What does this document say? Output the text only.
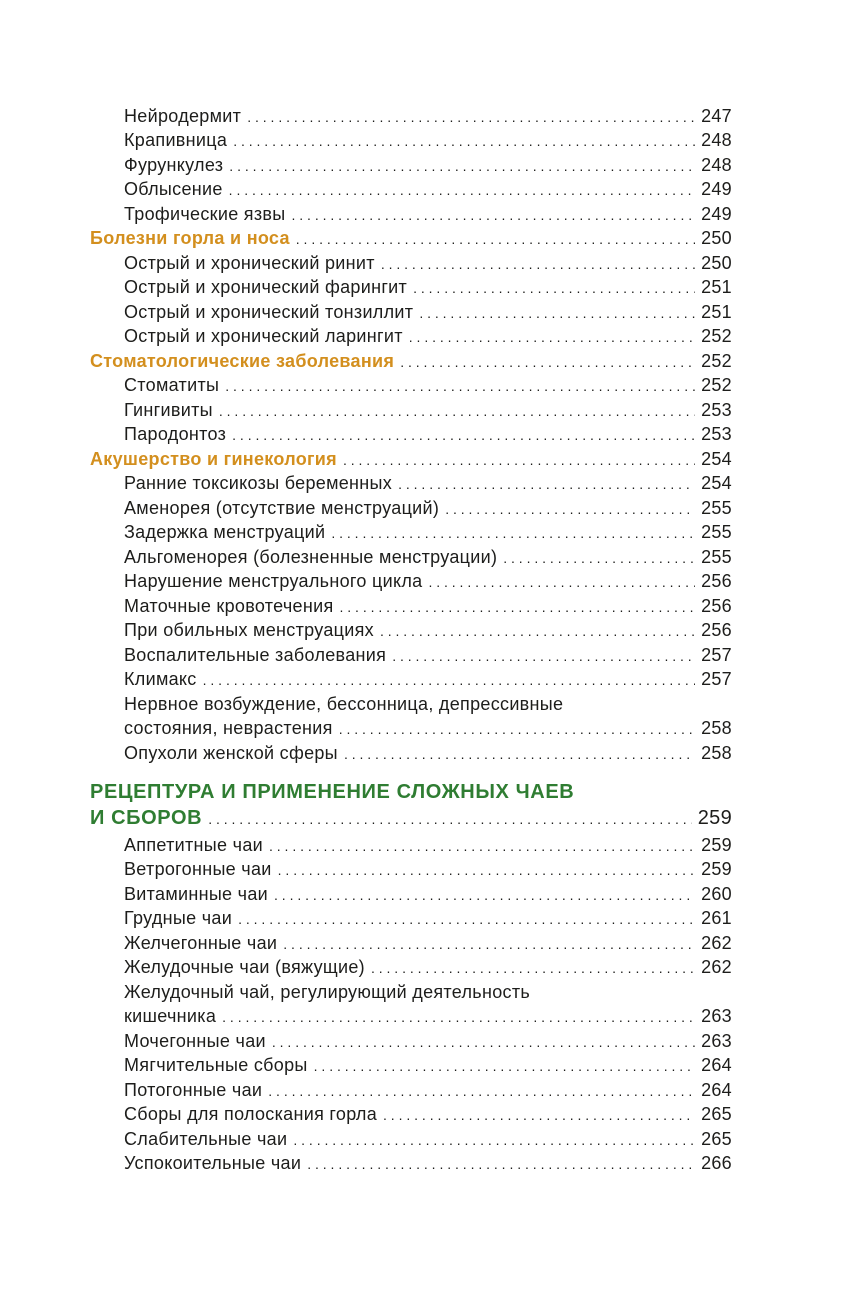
Нейродермит . . .	247
Крапивница . . .	248
Фурункулез . . .	248
Облысение . . .	249
Трофические язвы . . .	249
Болезни горла и носа . . .	250
Острый и хронический ринит . . .	250
Острый и хронический фарингит . . .	251
Острый и хронический тонзиллит . . .	251
Острый и хронический ларингит . . .	252
Стоматологические заболевания . . .	252
Стоматиты . . .	252
Гингивиты . . .	253
Пародонтоз . . .	253
Акушерство и гинекология . . .	254
Ранние токсикозы беременных . . .	254
Аменорея (отсутствие менструаций) . . .	255
Задержка менструаций . . .	255
Альгоменорея (болезненные менструации) . . .	255
Нарушение менструального цикла . . .	256
Маточные кровотечения . . .	256
При обильных менструациях . . .	256
Воспалительные заболевания . . .	257
Климакс . . .	257
Нервное возбуждение, бессонница, депрессивные
состояния, неврастения . . .	258
Опухоли женской сферы . . .	258
РЕЦЕПТУРА И ПРИМЕНЕНИЕ СЛОЖНЫХ ЧАЕВ
И СБОРОВ . . .	259
Аппетитные чаи . . .	259
Ветрогонные чаи . . .	259
Витаминные чаи . . .	260
Грудные чаи . . .	261
Желчегонные чаи . . .	262
Желудочные чаи (вяжущие) . . .	262
Желудочный чай, регулирующий деятельность
кишечника . . .	263
Мочегонные чаи . . .	263
Мягчительные сборы . . .	264
Потогонные чаи . . .	264
Сборы для полоскания горла . . .	265
Слабительные чаи . . .	265
Успокоительные чаи . . .	266
